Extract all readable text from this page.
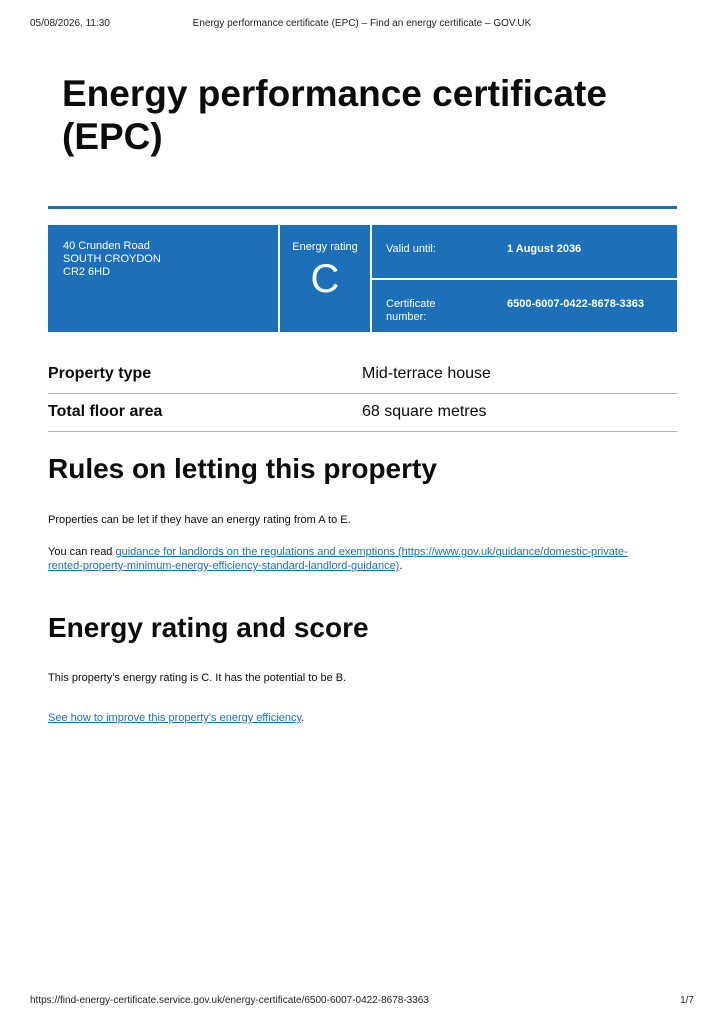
05/08/2026, 11:30	Energy performance certificate (EPC) – Find an energy certificate – GOV.UK
Energy performance certificate (EPC)
40 Crunden Road
SOUTH CROYDON
CR2 6HD
Energy rating
C
Valid until:	1 August 2036
Certificate
number:
6500-6007-0422-8678-3363
Property type	Mid-terrace house
Total floor area	68 square metres
Rules on letting this property

Properties can be let if they have an energy rating from A to E.

You can read guidance for landlords on the regulations and exemptions (https://www.gov.uk/guidance/domestic-private-
rented-property-minimum-energy-efficiency-standard-landlord-guidance).

Energy rating and score

This property’s energy rating is C. It has the potential to be B.

See how to improve this property’s energy efficiency.

https://find-energy-certificate.service.gov.uk/energy-certificate/6500-6007-0422-8678-3363	1/7
